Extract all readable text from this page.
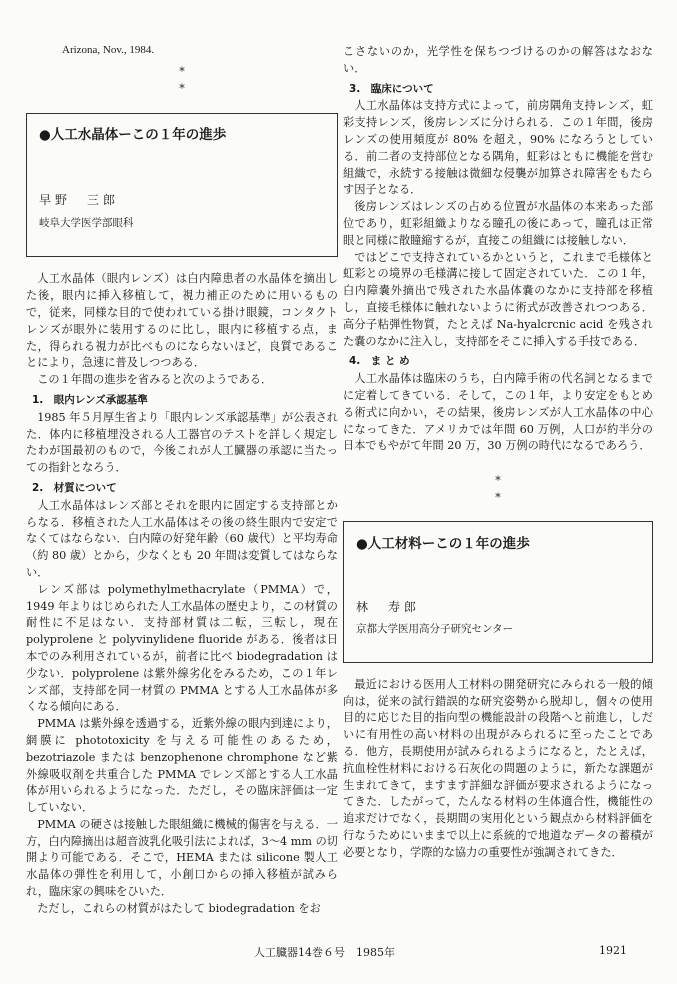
Arizona, Nov., 1984.
* *
●人工水晶体ーこの１年の進歩
早野　三郎
岐阜大学医学部眼科

人工水晶体（眼内レンズ）は白内障患者の水晶体を摘出した後，眼内に挿入移植して，視力補正のために用いるもので，従来，同様な目的で使われている掛け眼鏡，コンタクトレンズが眼外に装用するのに比し，眼内に移植する点，また，得られる視力が比べものにならないほど，良質であることにより，急速に普及しつつある．

この１年間の進歩を省みると次のようである．

1.　眼内レンズ承認基準

1985 年５月厚生省より「眼内レンズ承認基準」が公表された．体内に移植埋没される人工器官のテストを詳しく規定したわが国最初のもので，今後これが人工臓器の承認に当たっての指針となろう．

2.　材質について

人工水晶体はレンズ部とそれを眼内に固定する支持部とからなる．移植された人工水晶体はその後の終生眼内で安定でなくてはならない．白内障の好発年齢（60 歳代）と平均寿命（約 80 歳）とから，少なくとも 20 年間は変質してはならない．

レンズ部は polymethylmethacrylate（PMMA）で，1949 年よりはじめられた人工水晶体の歴史より，この材質の耐性に不足はない．支持部材質は二転，三転し，現在 polyprolene と polyvinylidene fluoride がある．後者は日本でのみ利用されているが，前者に比べ biodegradation は少ない．polyprolene は紫外線劣化をみるため，この１年レンズ部，支持部を同一材質の PMMA とする人工水晶体が多くなる傾向にある．

PMMA は紫外線を透過する，近紫外線の眼内到達により，網膜に phototoxicity を与える可能性のあるため，bezotriazole または benzophenone chromphone など紫外線吸収剤を共重合した PMMA でレンズ部とする人工水晶体が用いられるようになった．ただし，その臨床評価は一定していない．

PMMA の硬さは接触した眼組織に機械的傷害を与える．一方，白内障摘出は超音波乳化吸引法によれば，3〜4 mm の切開より可能である．そこで，HEMA または silicone 製人工水晶体の弾性を利用して，小創口からの挿入移植が試みられ，臨床家の興味をひいた．

ただし，これらの材質がはたして biodegradation をお

こさないのか，光学性を保ちつづけるのかの解答はなおない．

3.　臨床について

人工水晶体は支持方式によって，前房隅角支持レンズ，虹彩支持レンズ，後房レンズに分けられる．この１年間，後房レンズの使用頻度が 80% を超え，90% になろうとしている．前二者の支持部位となる隅角，虹彩はともに機能を営む組織で，永続する接触は微細な侵襲が加算され障害をもたらす因子となる．

後房レンズはレンズの占める位置が水晶体の本来あった部位であり，虹彩組織よりなる瞳孔の後にあって，瞳孔は正常眼と同様に散瞳縮するが，直接この組織には接触しない．

ではどこで支持されているかというと，これまで毛様体と虹彩との境界の毛様溝に接して固定されていた．この１年，白内障嚢外摘出で残された水晶体嚢のなかに支持部を移植し，直接毛様体に触れないように術式が改善されつつある．高分子粘弾性物質，たとえば Na-hyalcrcnic acid を残された嚢のなかに注入し，支持部をそこに挿入する手技である．

4.　ま と め

人工水晶体は臨床のうち，白内障手術の代名詞となるまでに定着してきている．そして，この１年，より安定をもとめる術式に向かい，その結果，後房レンズが人工水晶体の中心になってきた．アメリカでは年間 60 万例，人口が約半分の日本でもやがて年間 20 万，30 万例の時代になるであろう．

* *
●人工材料ーこの１年の進歩
林　寿郎
京都大学医用高分子研究センター

最近における医用人工材料の開発研究にみられる一般的傾向は，従来の試行錯誤的な研究姿勢から脱却し，個々の使用目的に応じた目的指向型の機能設計の段階へと前進し，しだいに有用性の高い材料の出現がみられるに至ったことである．他方，長期使用が試みられるようになると，たとえば，抗血栓性材料における石灰化の問題のように，新たな課題が生まれてきて，ますます詳細な評価が要求されるようになってきた．したがって，たんなる材料の生体適合性，機能性の追求だけでなく，長期間の実用化という観点から材料評価を行なうためにいままで以上に系統的で地道なデータの蓄積が必要となり，学際的な協力の重要性が強調されてきた．

人工臓器14巻６号　1985年	1921
